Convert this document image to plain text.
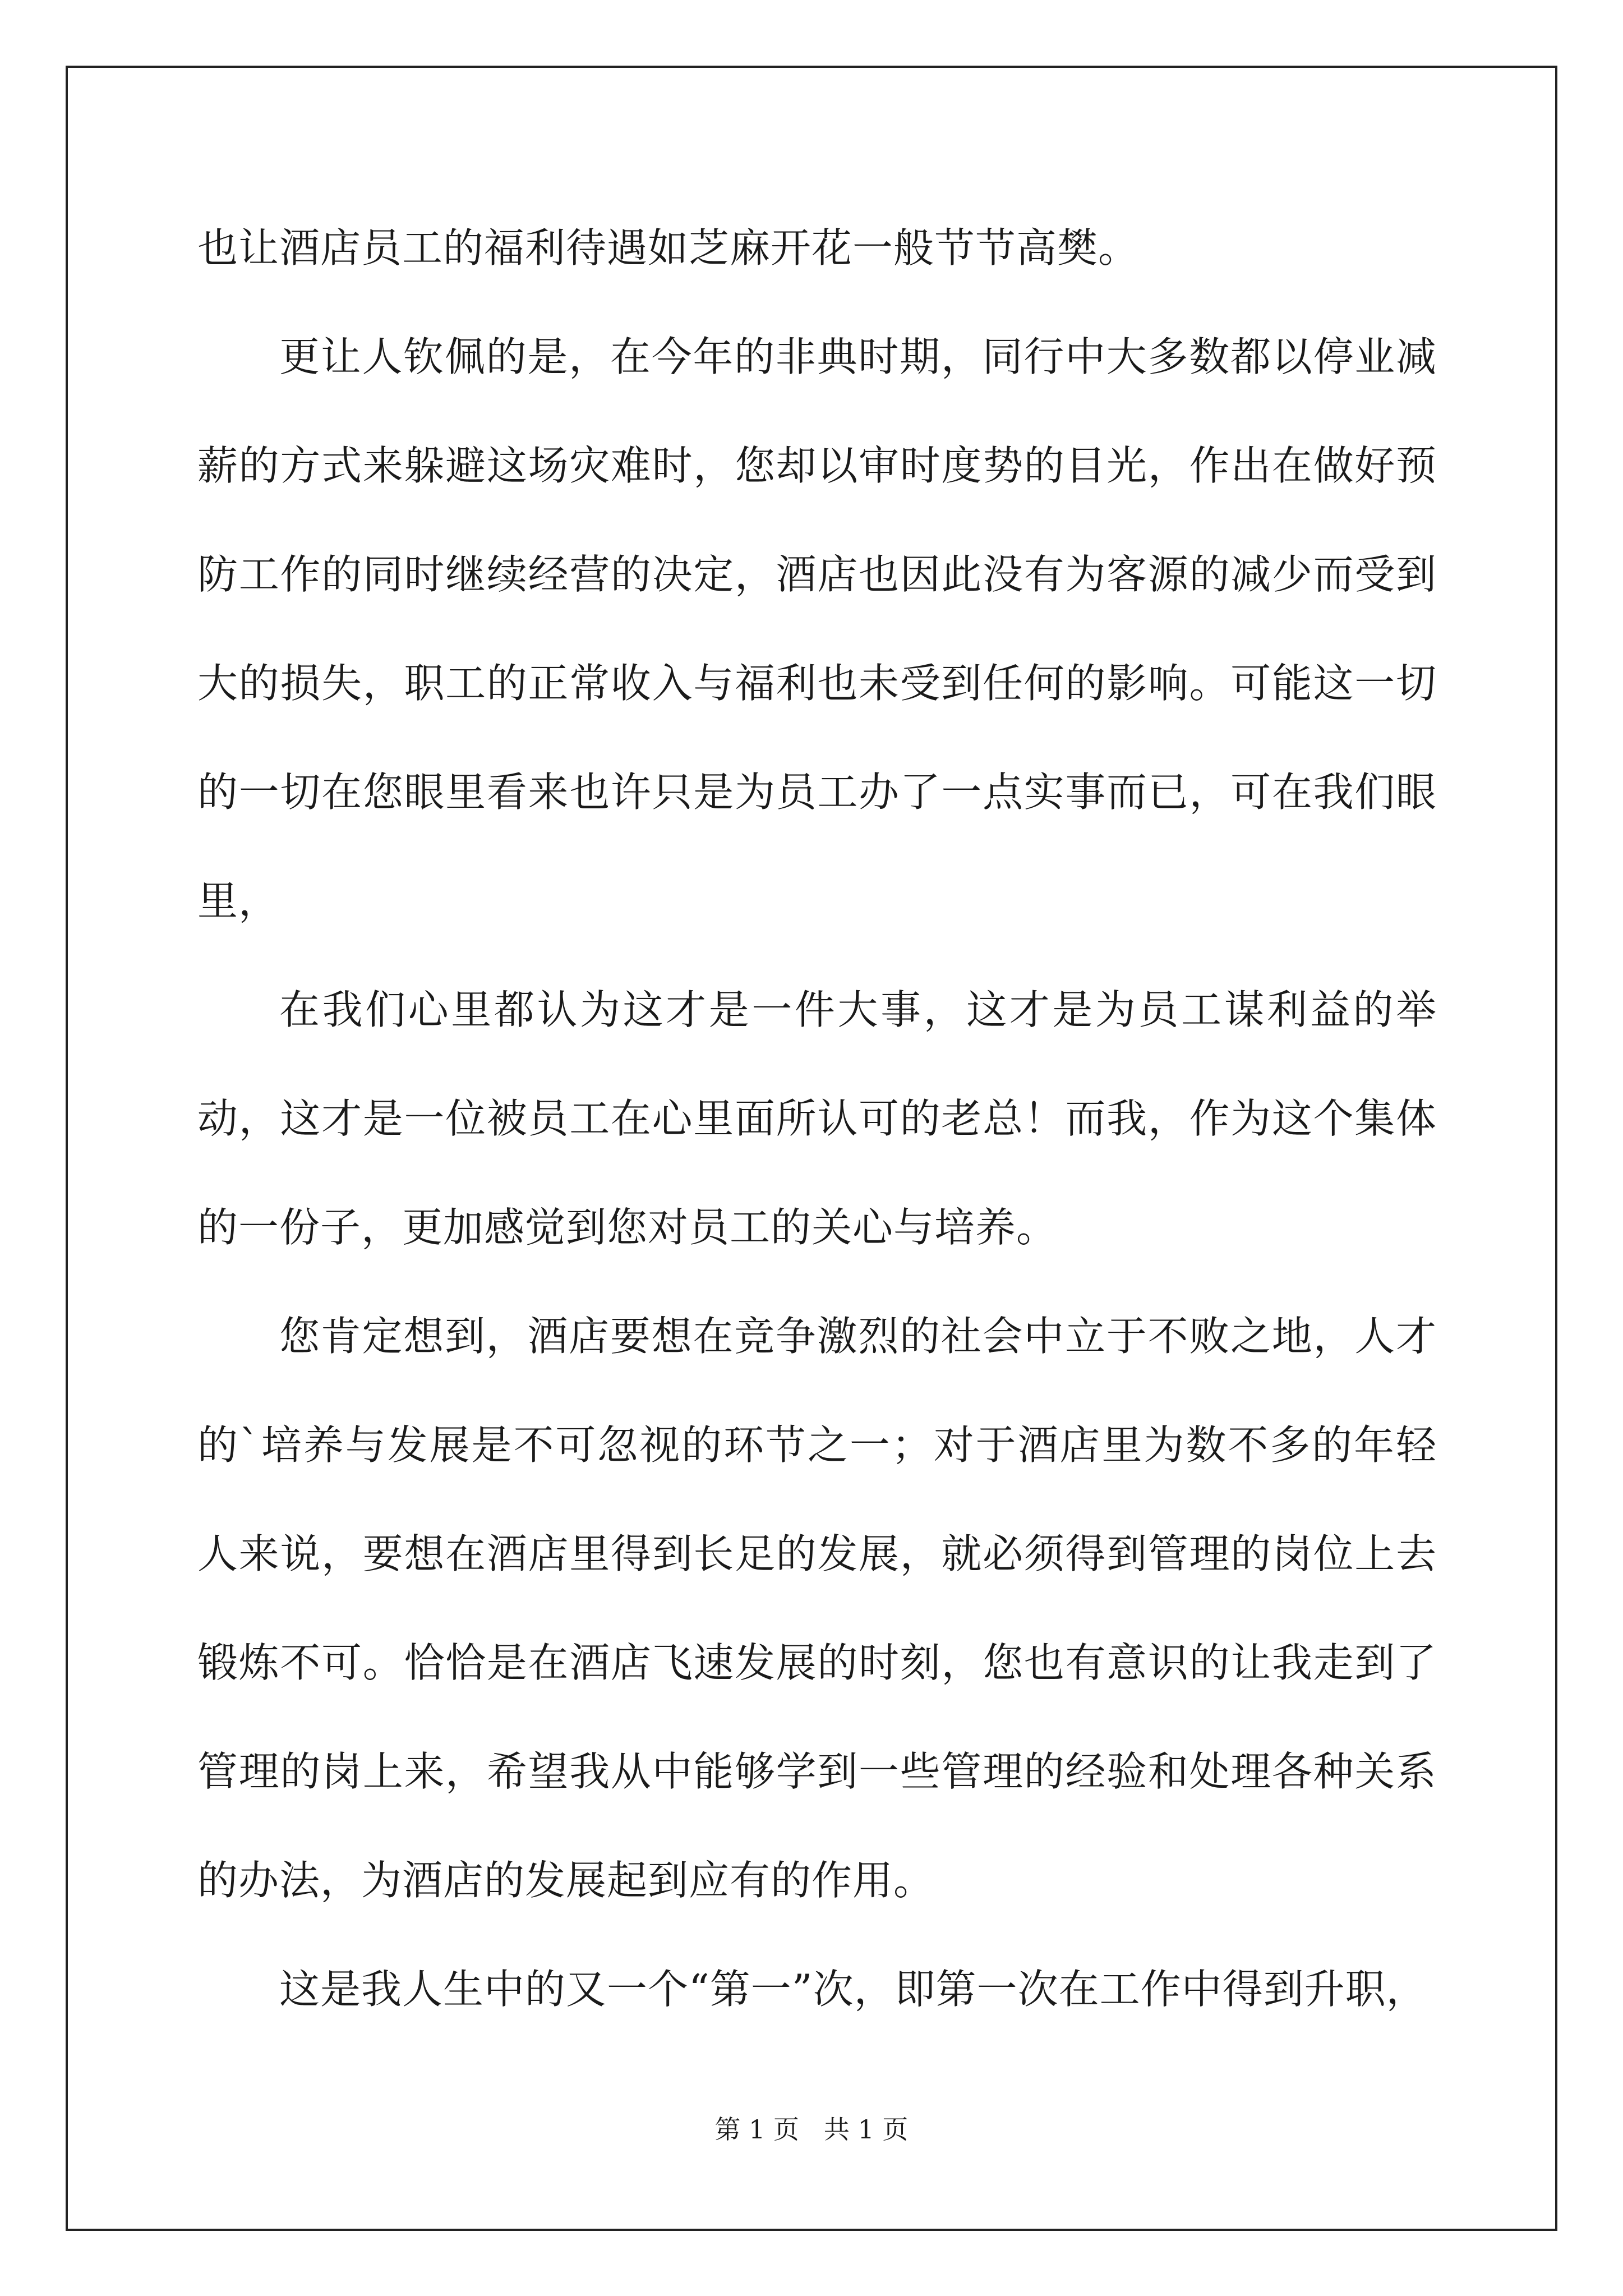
也让酒店员工的福利待遇如芝麻开花一般节节高樊。

更让人钦佩的是，在今年的非典时期，同行中大多数都以停业减薪的方式来躲避这场灾难时，您却以审时度势的目光，作出在做好预防工作的同时继续经营的决定，酒店也因此没有为客源的减少而受到大的损失，职工的正常收入与福利也未受到任何的影响。可能这一切的一切在您眼里看来也许只是为员工办了一点实事而已，可在我们眼里，

在我们心里都认为这才是一件大事，这才是为员工谋利益的举动，这才是一位被员工在心里面所认可的老总！而我，作为这个集体的一份子，更加感觉到您对员工的关心与培养。

您肯定想到，酒店要想在竞争激烈的社会中立于不败之地，人才的`培养与发展是不可忽视的环节之一；对于酒店里为数不多的年轻人来说，要想在酒店里得到长足的发展，就必须得到管理的岗位上去锻炼不可。恰恰是在酒店飞速发展的时刻，您也有意识的让我走到了管理的岗上来，希望我从中能够学到一些管理的经验和处理各种关系的办法，为酒店的发展起到应有的作用。

这是我人生中的又一个“第一”次，即第一次在工作中得到升职，

第 1 页   共 1 页
